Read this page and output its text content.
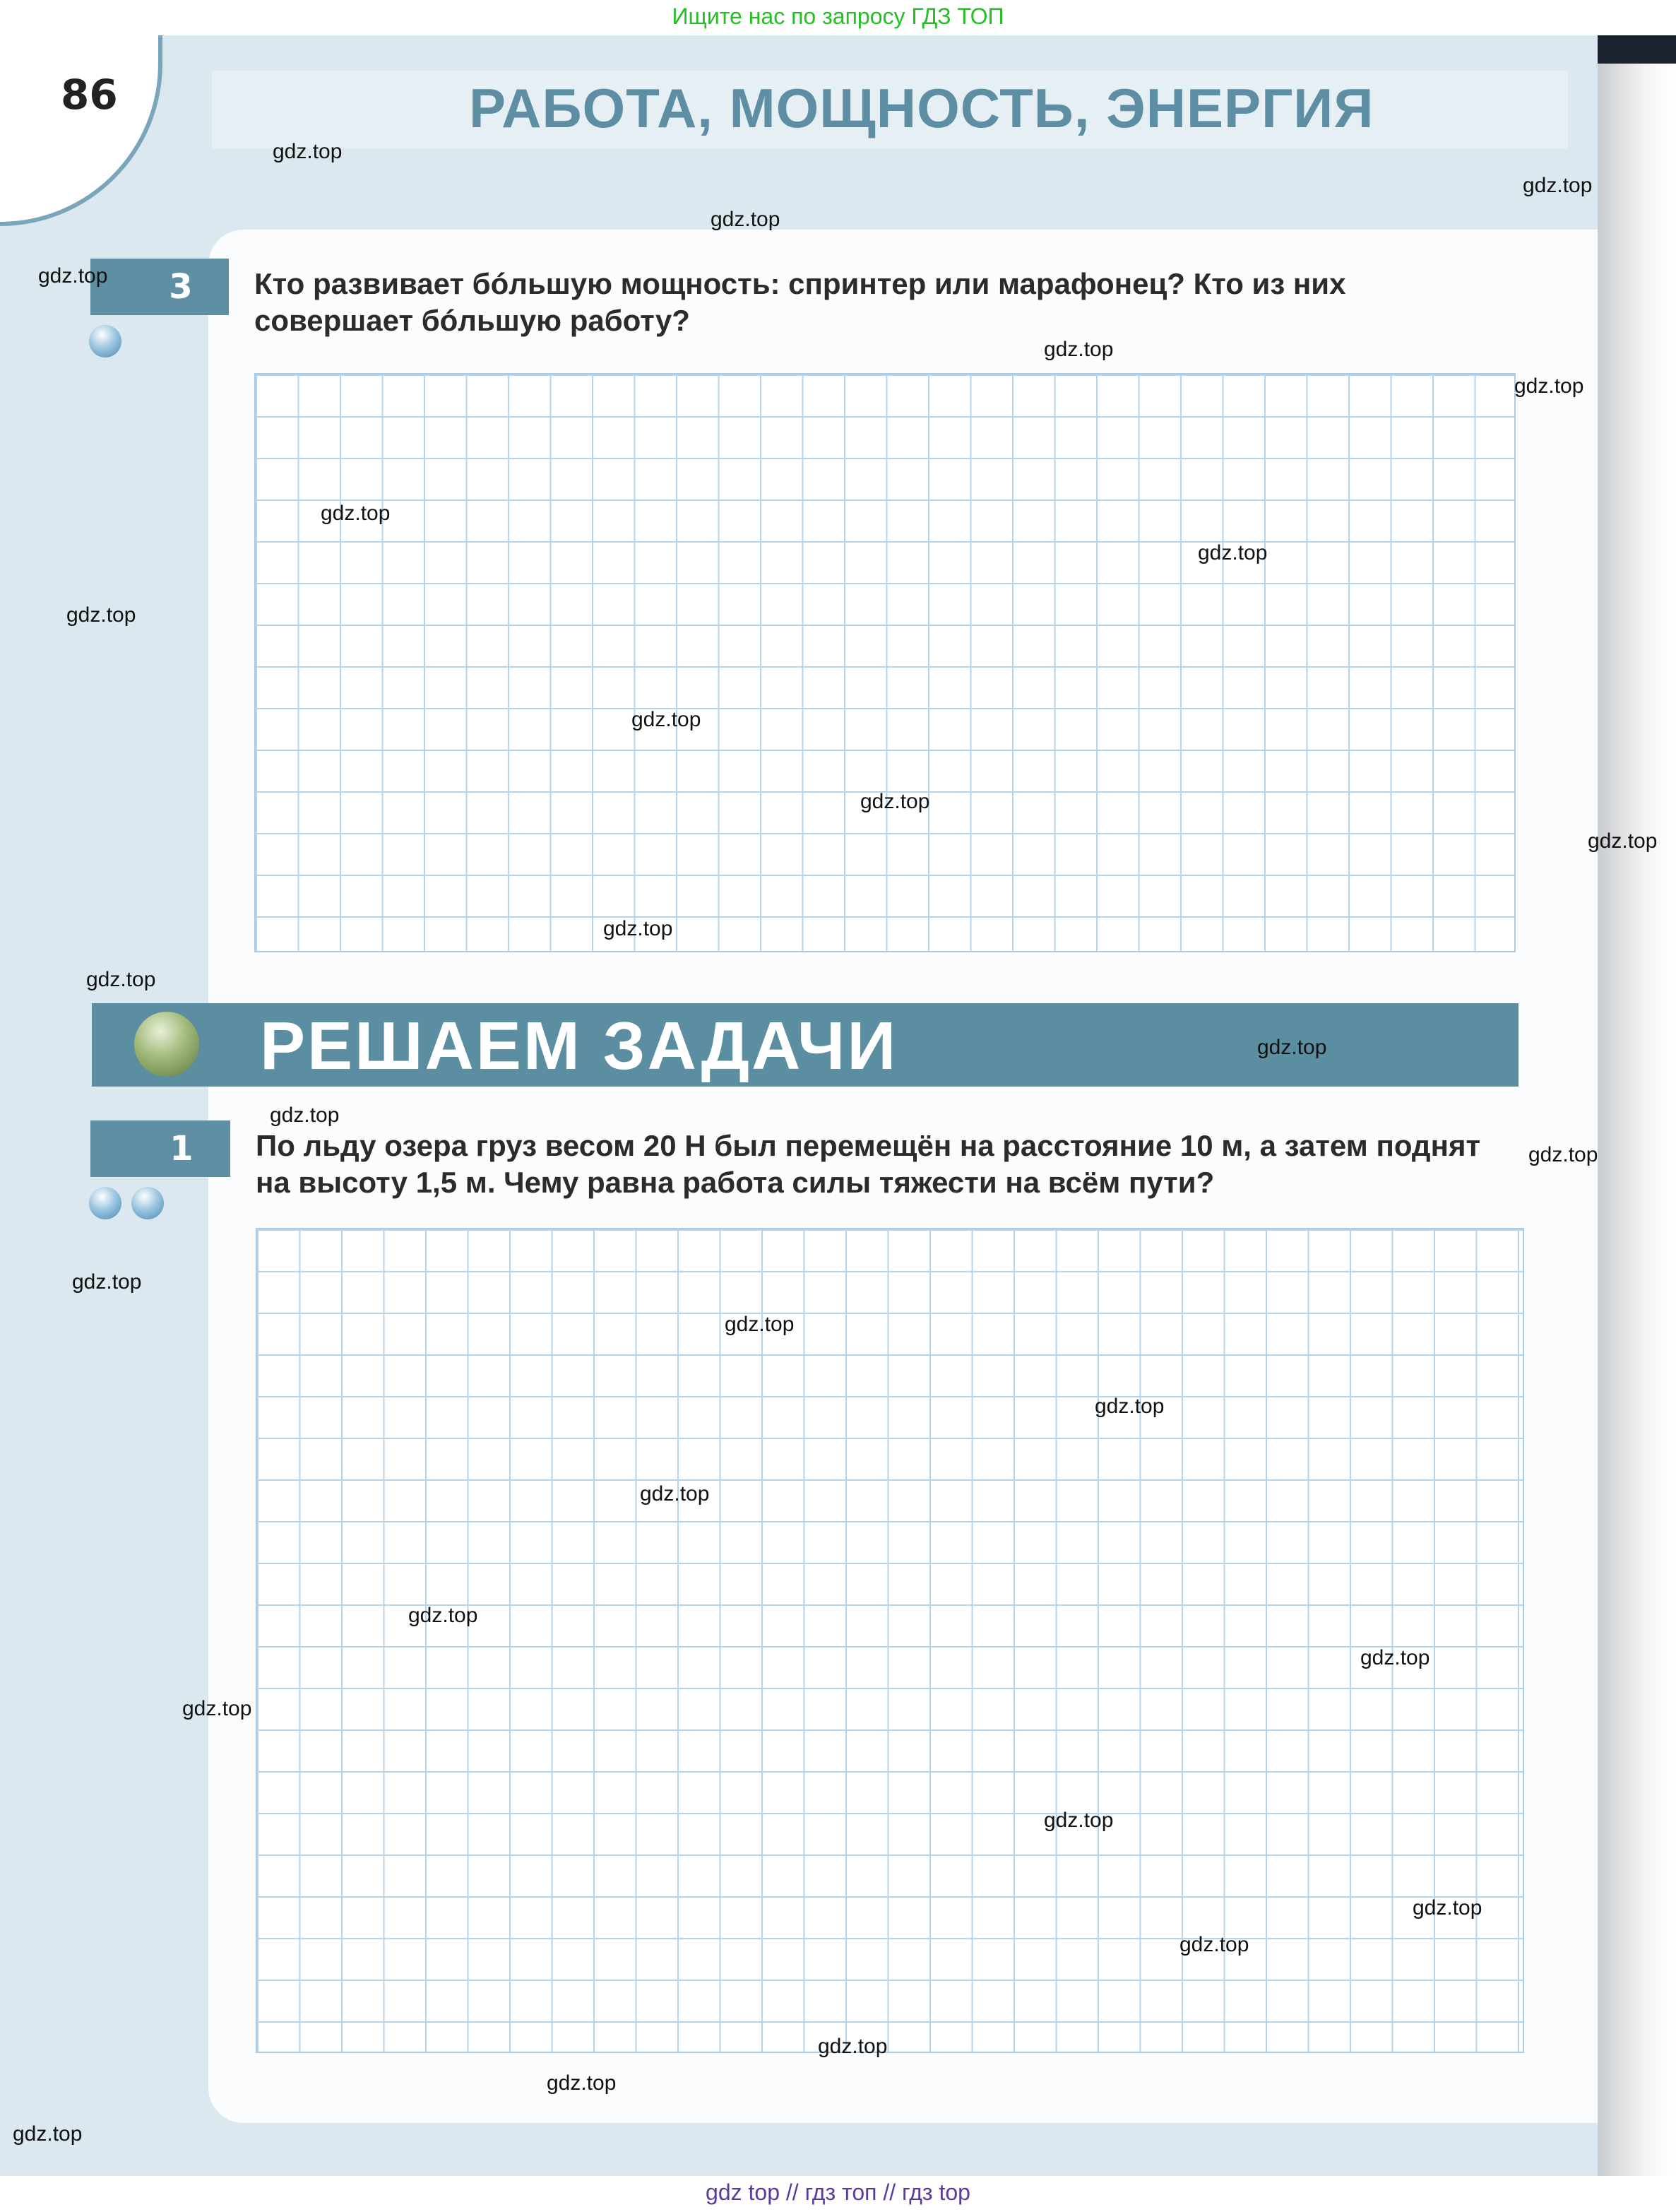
Ищите нас по запросу ГДЗ ТОП
86	РАБОТА, МОЩНОСТЬ, ЭНЕРГИЯ
3	Кто развивает бóльшую мощность: спринтер или марафонец? Кто из них совершает бóльшую работу?
РЕШАЕМ ЗАДАЧИ
1	По льду озера груз весом 20 Н был перемещён на расстояние 10 м, а затем поднят на высоту 1,5 м. Чему равна работа силы тяжести на всём пути?
gdz.top
gdz.top
gdz.top
gdz.top
gdz.top
gdz.top
gdz.top
gdz.top
gdz.top
gdz.top
gdz.top
gdz.top
gdz.top
gdz.top
gdz.top
gdz.top
gdz.top
gdz.top
gdz.top
gdz.top
gdz.top
gdz.top
gdz.top
gdz.top
gdz.top
gdz.top
gdz.top
gdz.top
gdz.top
gdz.top
gdz top // гдз топ // гдз top
